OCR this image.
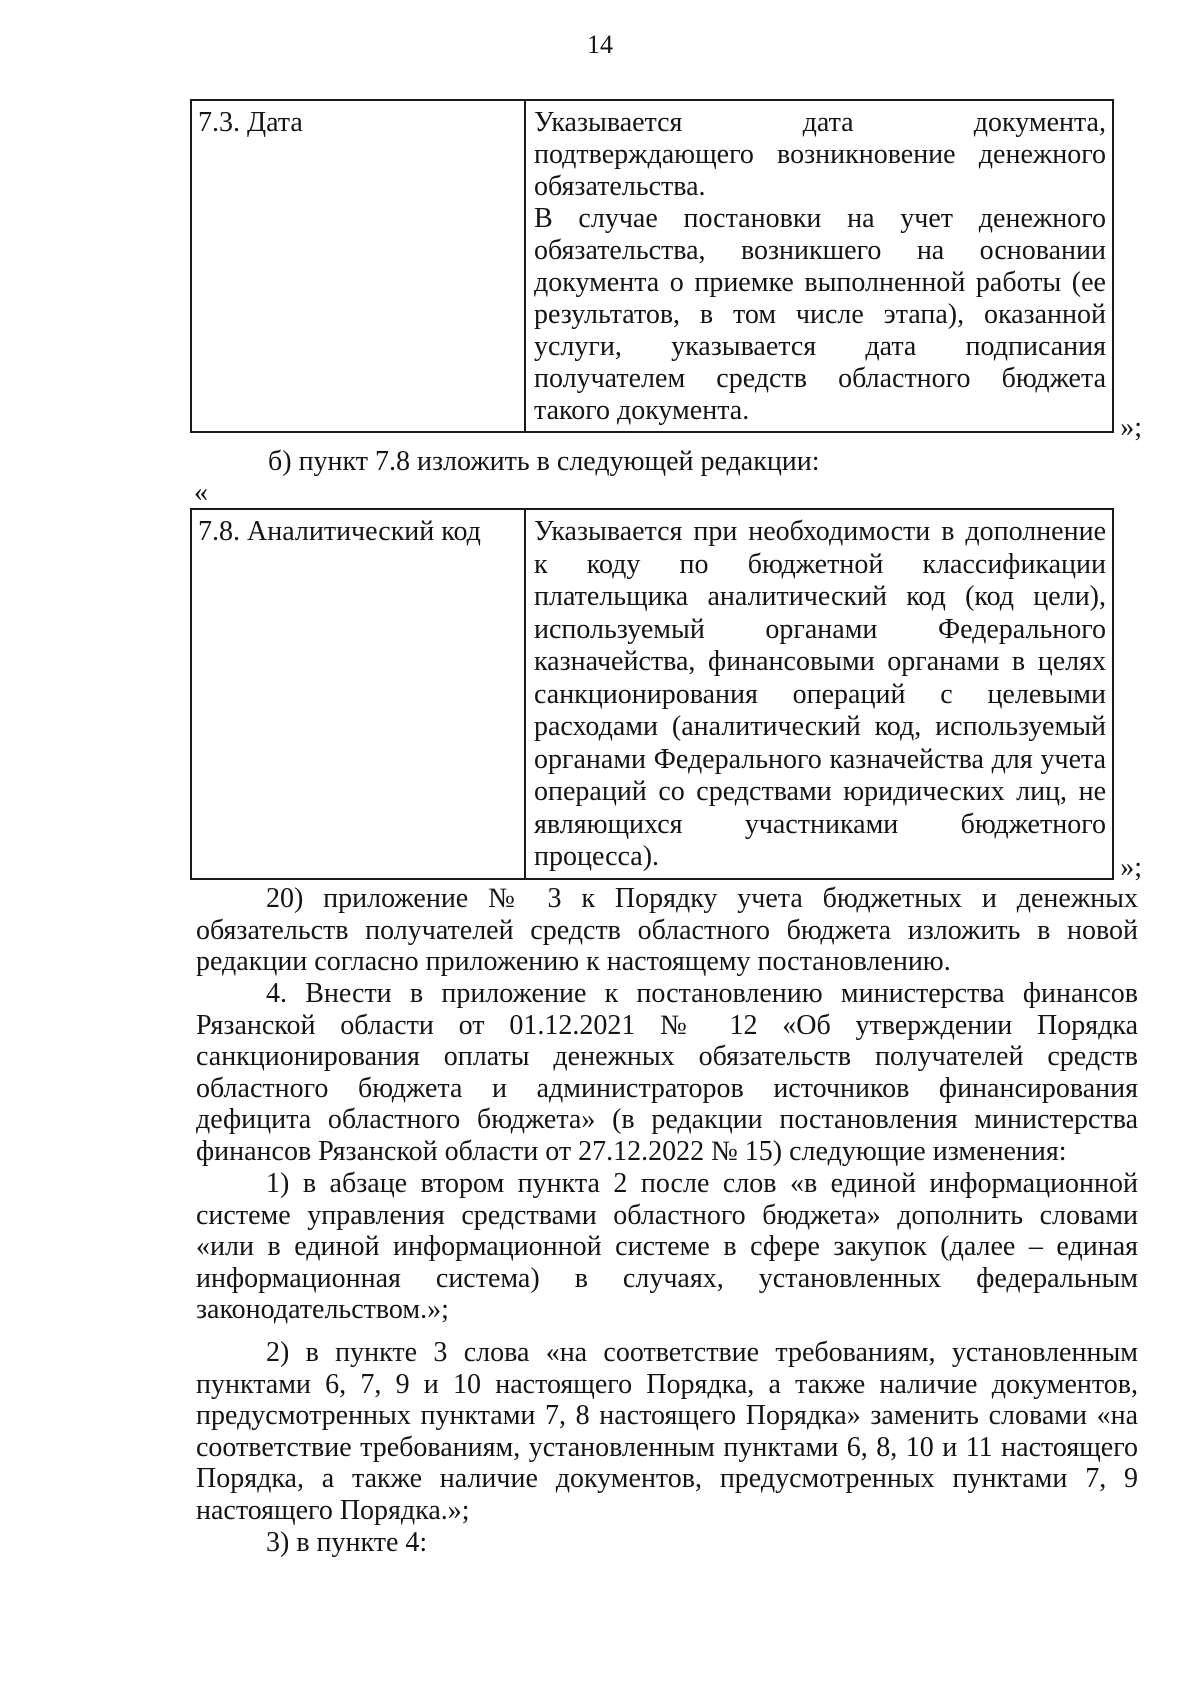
14
7.3. Дата	Указывается дата документа, подтверждающего возникновение денежного обязательства.

В случае постановки на учет денежного обязательства, возникшего на основании документа о приемке выполненной работы (ее результатов, в том числе этапа), оказанной услуги, указывается дата подписания получателем средств областного бюджета такого документа.

»;

б) пункт 7.8 изложить в следующей редакции:

«
7.8. Аналитический код	Указывается при необходимости в дополнение к коду по бюджетной классификации плательщика аналитический код (код цели), используемый органами Федерального казначейства, финансовыми органами в целях санкционирования операций с целевыми расходами (аналитический код, используемый органами Федерального казначейства для учета операций со средствами юридических лиц, не являющихся участниками бюджетного процесса).	»;

20) приложение № 3 к Порядку учета бюджетных и денежных обязательств получателей средств областного бюджета изложить в новой редакции согласно приложению к настоящему постановлению.

4. Внести в приложение к постановлению министерства финансов Рязанской области от 01.12.2021 № 12 «Об утверждении Порядка санкционирования оплаты денежных обязательств получателей средств областного бюджета и администраторов источников финансирования дефицита областного бюджета» (в редакции постановления министерства финансов Рязанской области от 27.12.2022 № 15) следующие изменения:

1) в абзаце втором пункта 2 после слов «в единой информационной системе управления средствами областного бюджета» дополнить словами «или в единой информационной системе в сфере закупок (далее – единая информационная система) в случаях, установленных федеральным законодательством.»;

2) в пункте 3 слова «на соответствие требованиям, установленным пунктами 6, 7, 9 и 10 настоящего Порядка, а также наличие документов, предусмотренных пунктами 7, 8 настоящего Порядка» заменить словами «на соответствие требованиям, установленным пунктами 6, 8, 10 и 11 настоящего Порядка, а также наличие документов, предусмотренных пунктами 7, 9 настоящего Порядка.»;

3) в пункте 4:
